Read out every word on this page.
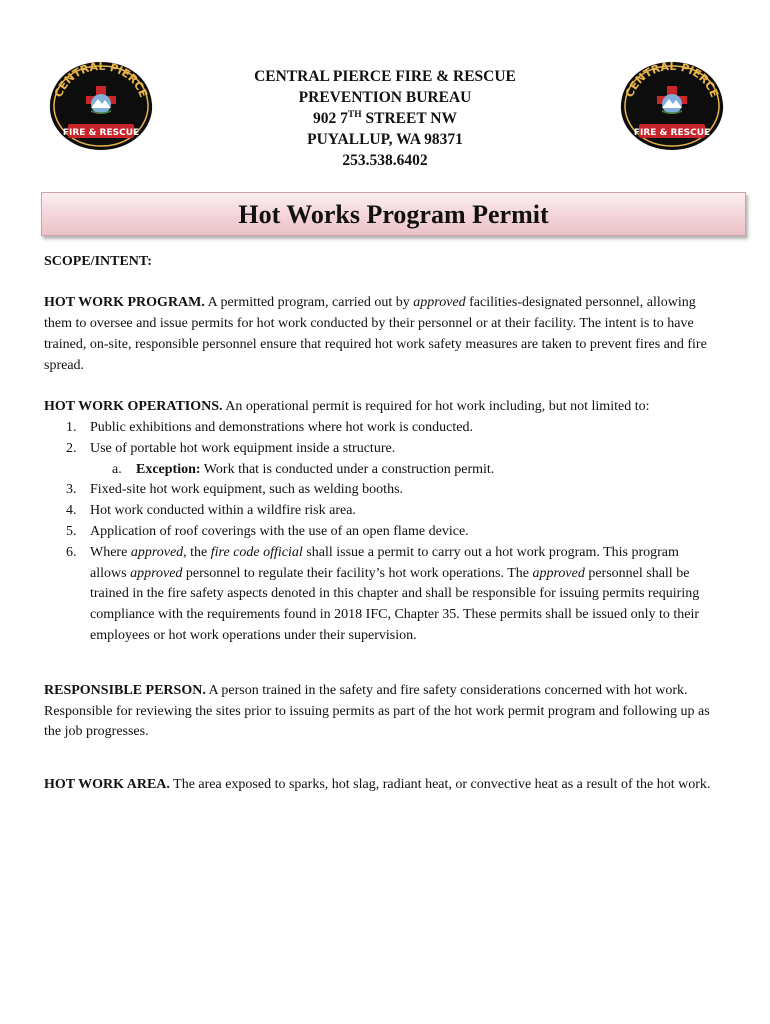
CENTRAL PIERCE
FIRE & RESCUE
CENTRAL PIERCE
FIRE & RESCUE
CENTRAL PIERCE FIRE & RESCUE
PREVENTION BUREAU
902 7TH STREET NW
PUYALLUP, WA 98371
253.538.6402
Hot Works Program Permit

SCOPE/INTENT:

HOT WORK PROGRAM. A permitted program, carried out by approved facilities-designated personnel, allowing them to oversee and issue permits for hot work conducted by their personnel or at their facility. The intent is to have trained, on-site, responsible personnel ensure that required hot work safety measures are taken to prevent fires and fire spread.

HOT WORK OPERATIONS. An operational permit is required for hot work including, but not limited to:

1. Public exhibitions and demonstrations where hot work is conducted.
2. Use of portable hot work equipment inside a structure.
a. Exception: Work that is conducted under a construction permit.
3. Fixed-site hot work equipment, such as welding booths.
4. Hot work conducted within a wildfire risk area.
5. Application of roof coverings with the use of an open flame device.
6. Where approved, the fire code official shall issue a permit to carry out a hot work program. This program allows approved personnel to regulate their facility’s hot work operations. The approved personnel shall be trained in the fire safety aspects denoted in this chapter and shall be responsible for issuing permits requiring compliance with the requirements found in 2018 IFC, Chapter 35. These permits shall be issued only to their employees or hot work operations under their supervision.

RESPONSIBLE PERSON. A person trained in the safety and fire safety considerations concerned with hot work. Responsible for reviewing the sites prior to issuing permits as part of the hot work permit program and following up as the job progresses.

HOT WORK AREA. The area exposed to sparks, hot slag, radiant heat, or convective heat as a result of the hot work.
